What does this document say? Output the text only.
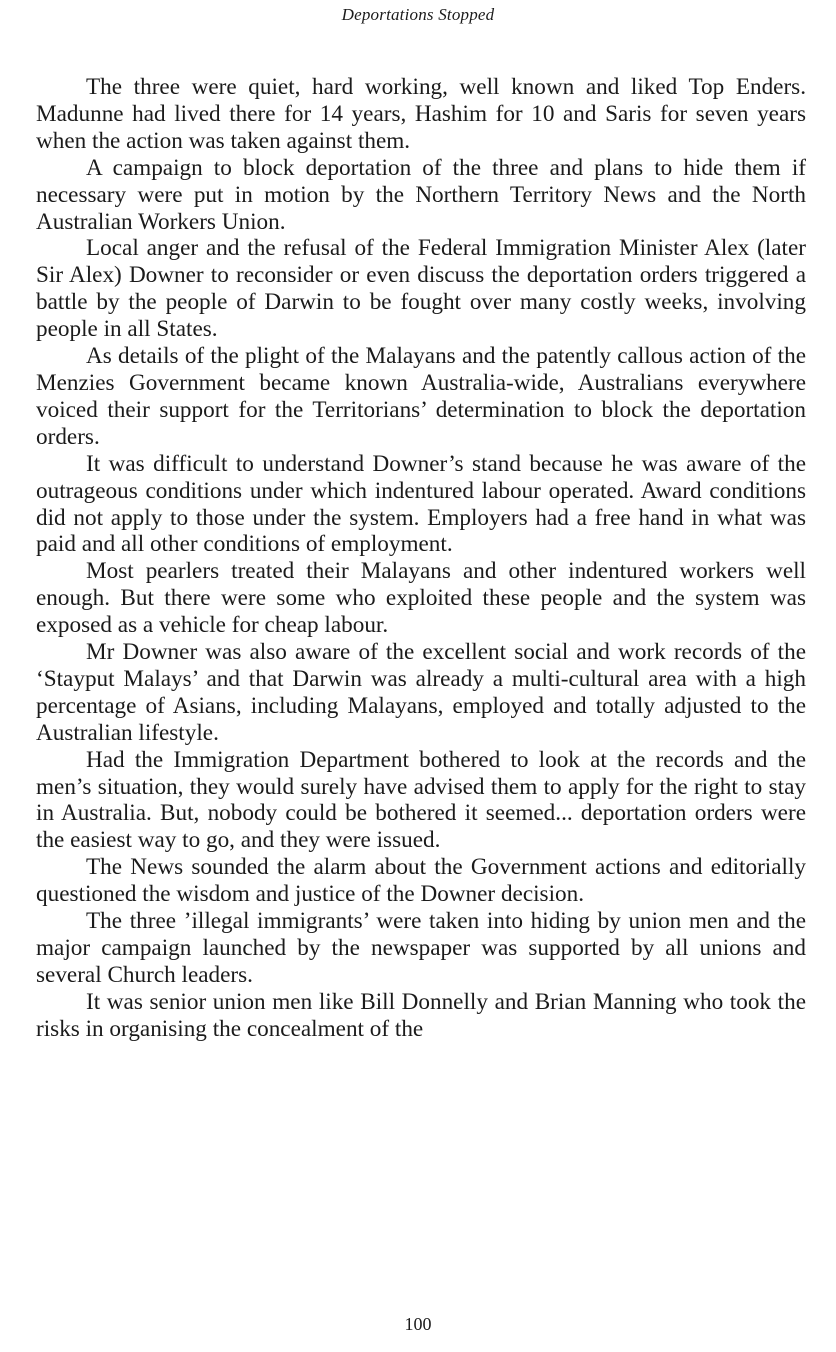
Deportations Stopped

The three were quiet, hard working, well known and liked Top Enders. Madunne had lived there for 14 years, Hashim for 10 and Saris for seven years when the action was taken against them.

A campaign to block deportation of the three and plans to hide them if necessary were put in motion by the Northern Territory News and the North Australian Workers Union.

Local anger and the refusal of the Federal Immigration Minister Alex (later Sir Alex) Downer to reconsider or even discuss the deportation orders triggered a battle by the people of Darwin to be fought over many costly weeks, involving people in all States.

As details of the plight of the Malayans and the patently callous action of the Menzies Government became known Australia-wide, Australians everywhere voiced their support for the Territorians’ determination to block the deportation orders.

It was difficult to understand Downer’s stand because he was aware of the outrageous conditions under which indentured labour operated. Award conditions did not apply to those under the system. Employers had a free hand in what was paid and all other conditions of employment.

Most pearlers treated their Malayans and other indentured workers well enough. But there were some who exploited these people and the system was exposed as a vehicle for cheap labour.

Mr Downer was also aware of the excellent social and work records of the ‘Stayput Malays’ and that Darwin was already a multi-cultural area with a high percentage of Asians, including Malayans, employed and totally adjusted to the Australian lifestyle.

Had the Immigration Department bothered to look at the records and the men’s situation, they would surely have advised them to apply for the right to stay in Australia. But, nobody could be bothered it seemed... deportation orders were the easiest way to go, and they were issued.

The News sounded the alarm about the Government actions and editorially questioned the wisdom and justice of the Downer decision.

The three ’illegal immigrants’ were taken into hiding by union men and the major campaign launched by the newspaper was supported by all unions and several Church leaders.

It was senior union men like Bill Donnelly and Brian Manning who took the risks in organising the concealment of the

100
